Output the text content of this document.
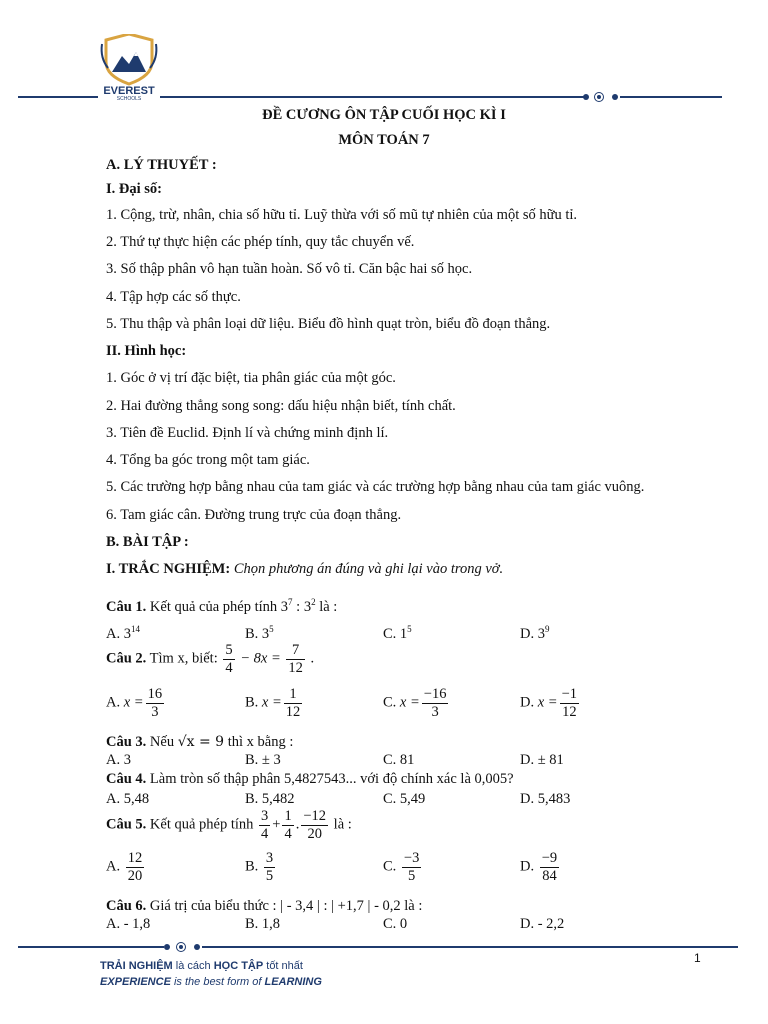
EVEREST
SCHOOLS
ĐỀ CƯƠNG ÔN TẬP CUỐI HỌC KÌ I
MÔN TOÁN 7
A. LÝ THUYẾT :
I. Đại số:
1. Cộng, trừ, nhân, chia số hữu tỉ. Luỹ thừa với số mũ tự nhiên của một số hữu tỉ.
2. Thứ tự thực hiện các phép tính, quy tắc chuyển vế.
3. Số thập phân vô hạn tuần hoàn. Số vô tỉ. Căn bậc hai số học.
4. Tập hợp các số thực.
5. Thu thập và phân loại dữ liệu. Biểu đồ hình quạt tròn, biểu đồ đoạn thẳng.
II. Hình học:
1. Góc ở vị trí đặc biệt, tia phân giác của một góc.
2. Hai đường thẳng song song: dấu hiệu nhận biết, tính chất.
3. Tiên đề Euclid. Định lí và chứng minh định lí.
4. Tổng ba góc trong một tam giác.
5. Các trường hợp bằng nhau của tam giác và các trường hợp bằng nhau của tam giác vuông.
6. Tam giác cân. Đường trung trực của đoạn thẳng.
B. BÀI TẬP :
I. TRẮC NGHIỆM: Chọn phương án đúng và ghi lại vào trong vở.
Câu 1. Kết quả của phép tính $3^7$ : $3^2$ là :
A. $3^{14}$	B. $3^5$	C. $1^5$	D. $3^9$
Câu 2. Tìm x, biết: $\frac{5}{4} - 8x = \frac{7}{12}$ .
A. $x = \frac{16}{3}$	B. $x = \frac{1}{12}$	C. $x = \frac{-16}{3}$	D. $x = \frac{-1}{12}$
Câu 3. Nếu √x = 9 thì x bằng :
A. 3	B. ± 3	C. 81	D. ± 81
Câu 4. Làm tròn số thập phân 5,4827543... với độ chính xác là 0,005?
A. 5,48	B. 5,482	C. 5,49	D. 5,483
Câu 5. Kết quả phép tính $\frac{3}{4} + \frac{1}{4}$ . $\frac{-12}{20}$ là :
A. $\frac{12}{20}$	B. $\frac{3}{5}$	C. $\frac{-3}{5}$	D. $\frac{-9}{84}$
Câu 6. Giá trị của biểu thức : | - 3,4 | : | +1,7 | - 0,2 là :
A. - 1,8	B. 1,8	C. 0	D. - 2,2
TRẢI NGHIỆM là cách HỌC TẬP tốt nhất
EXPERIENCE is the best form of LEARNING
1
